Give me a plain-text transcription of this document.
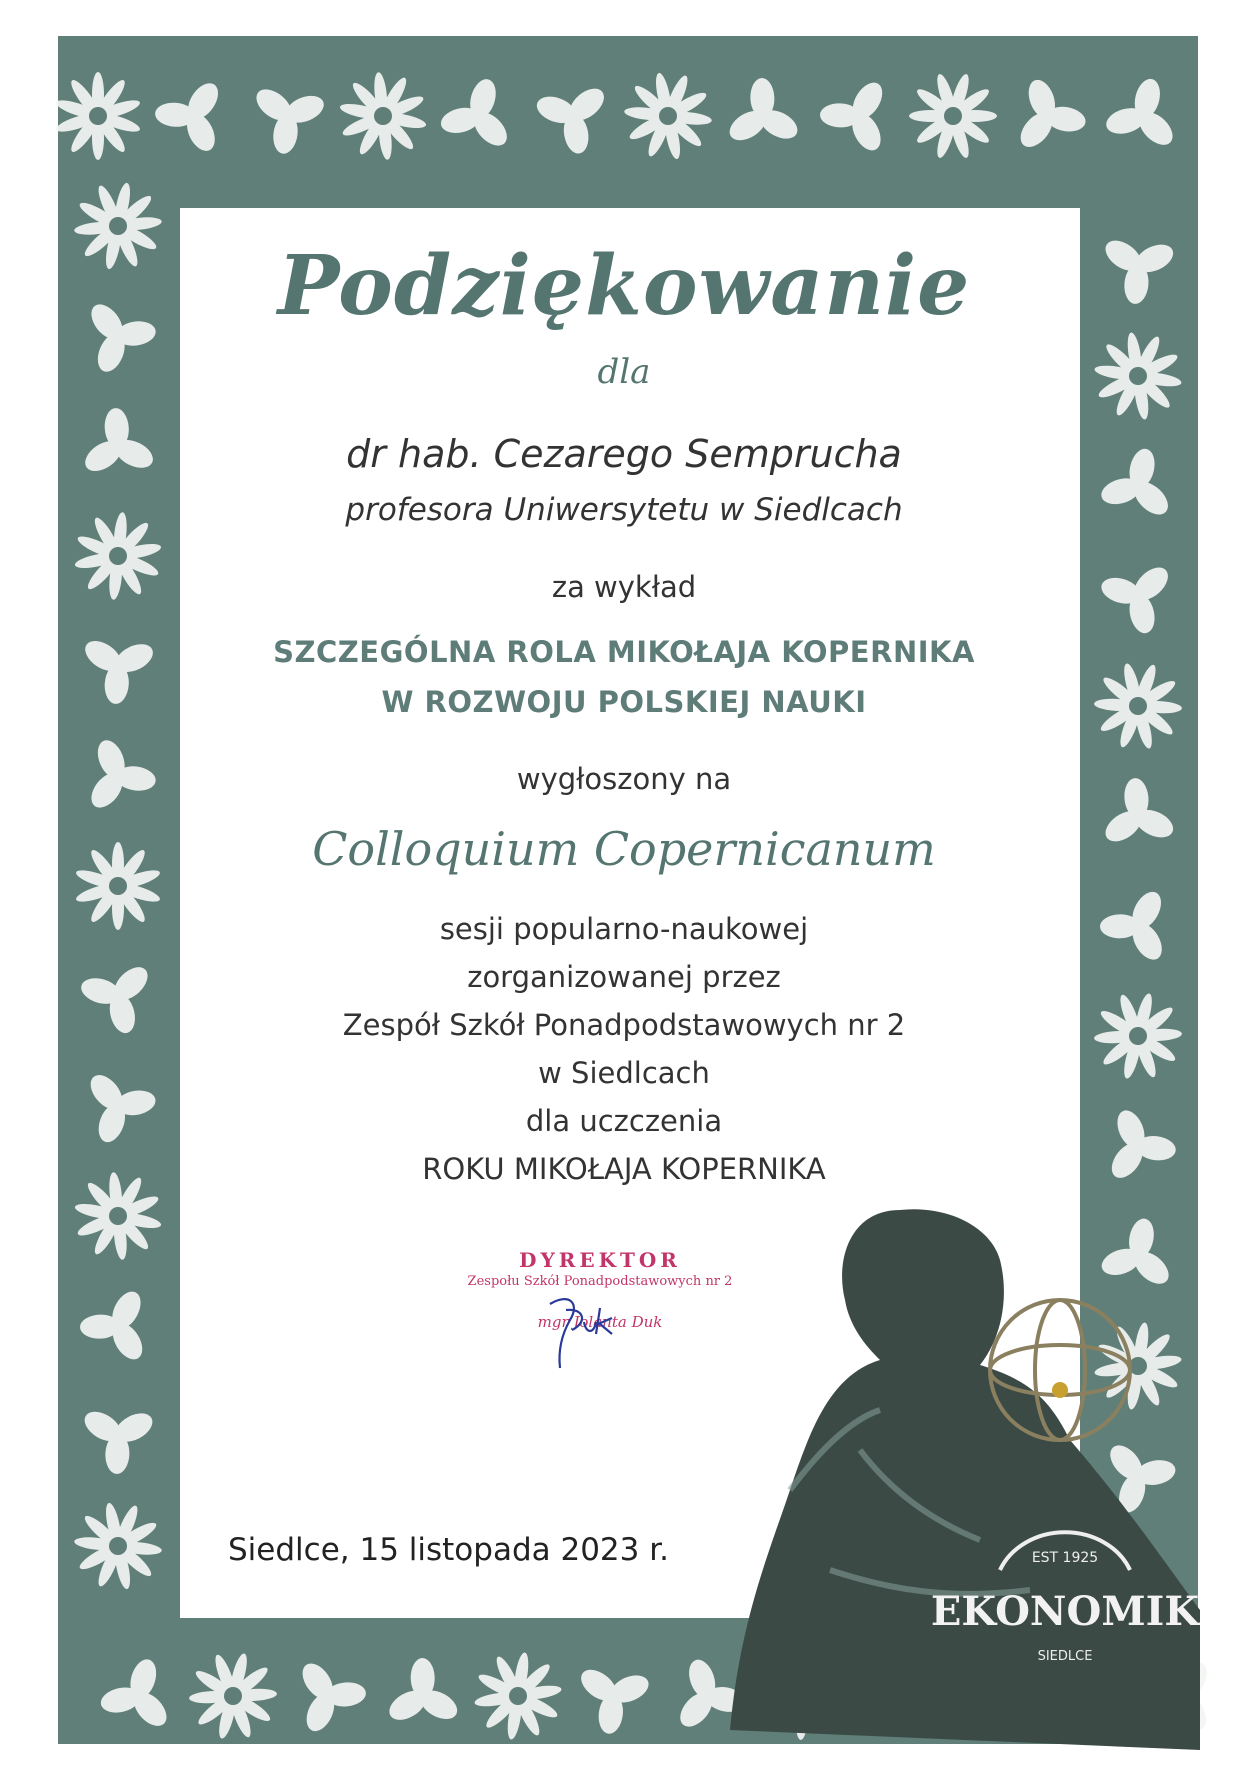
Podziękowanie
dla
dr hab. Cezarego Semprucha
profesora Uniwersytetu w Siedlcach
za wykład
SZCZEGÓLNA ROLA MIKOŁAJA KOPERNIKA
W ROZWOJU POLSKIEJ NAUKI
wygłoszony na
Colloquium Copernicanum
sesji popularno-naukowej
zorganizowanej przez
Zespół Szkół Ponadpodstawowych nr 2
w Siedlcach
dla uczczenia
ROKU MIKOŁAJA KOPERNIKA
DYREKTOR
Zespołu Szkół Ponadpodstawowych nr 2
mgr Jolanta Duk
Siedlce, 15 listopada 2023 r.	EST 1925
EKONOMIK
SIEDLCE
